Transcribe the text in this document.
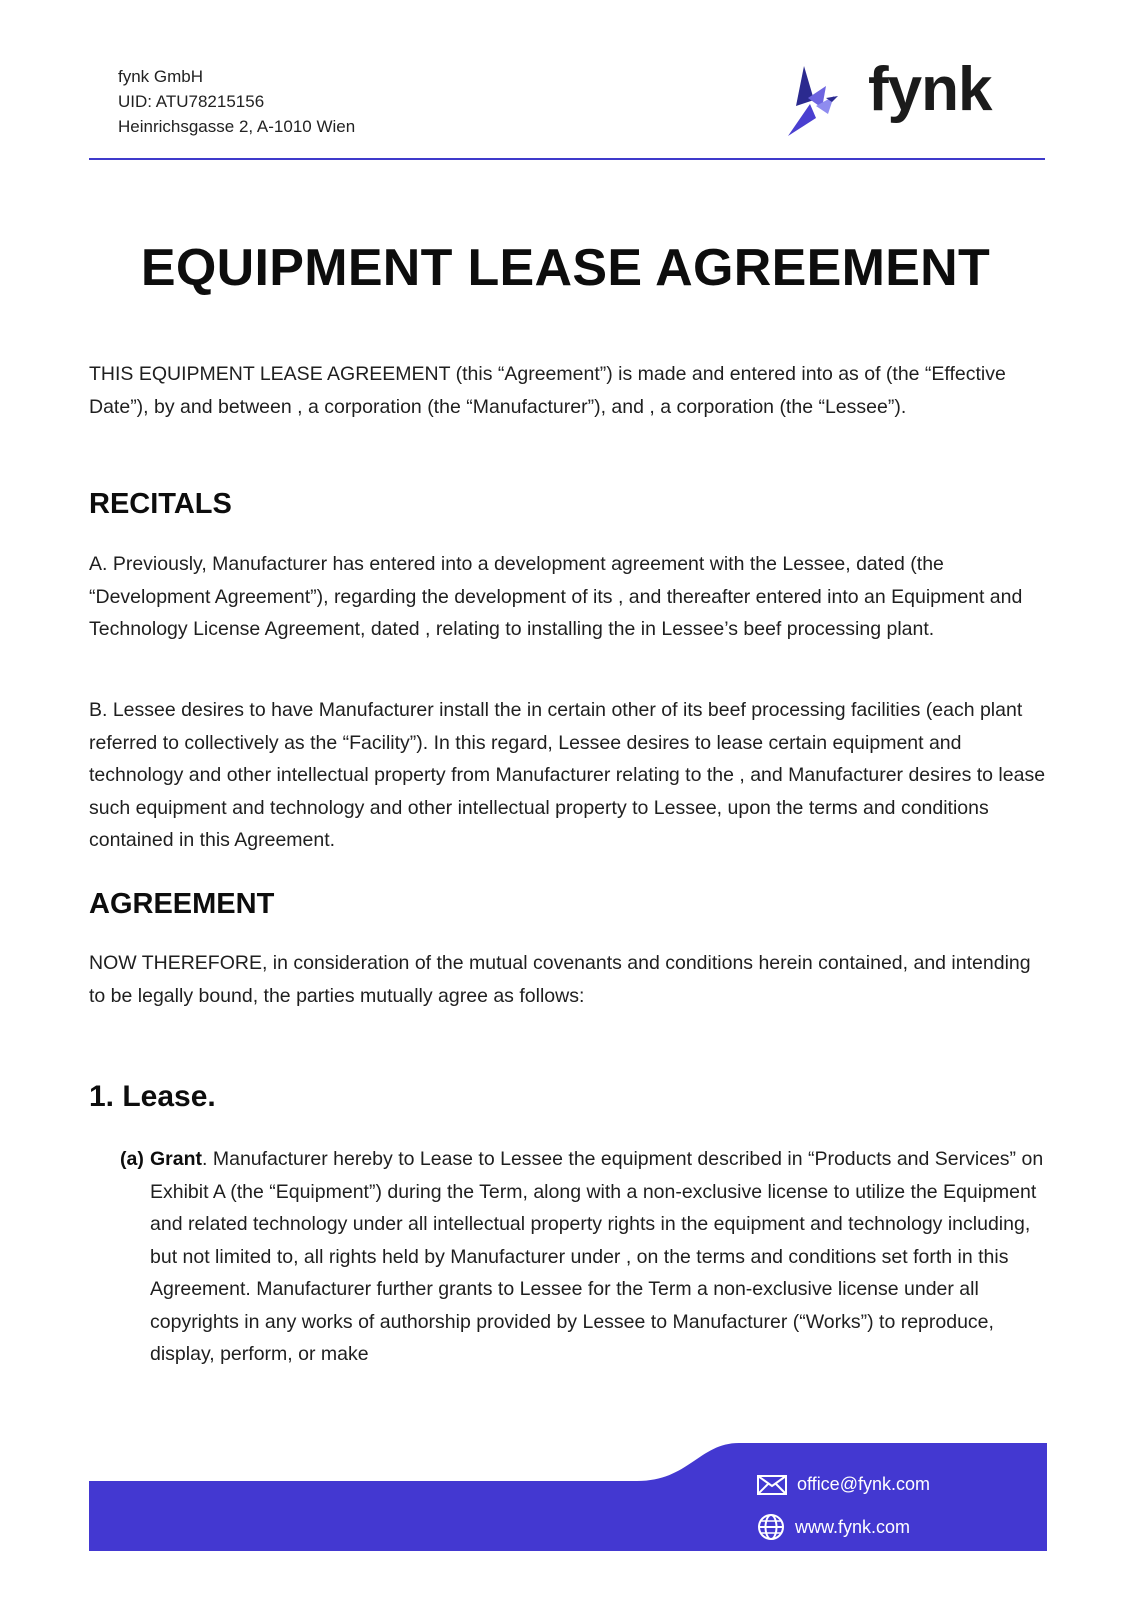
fynk GmbH
UID: ATU78215156
Heinrichsgasse 2, A-1010 Wien
fynk
EQUIPMENT LEASE AGREEMENT

THIS EQUIPMENT LEASE AGREEMENT (this “Agreement”) is made and entered into as of (the “Effective Date”), by and between , a corporation (the “Manufacturer”), and , a corporation (the “Lessee”).

RECITALS

A. Previously, Manufacturer has entered into a development agreement with the Lessee, dated (the “Development Agreement”), regarding the development of its , and thereafter entered into an Equipment and Technology License Agreement, dated , relating to installing the in Lessee’s beef processing plant.

B. Lessee desires to have Manufacturer install the in certain other of its beef processing facilities (each plant referred to collectively as the “Facility”). In this regard, Lessee desires to lease certain equipment and technology and other intellectual property from Manufacturer relating to the , and Manufacturer desires to lease such equipment and technology and other intellectual property to Lessee, upon the terms and conditions contained in this Agreement.

AGREEMENT

NOW THEREFORE, in consideration of the mutual covenants and conditions herein contained, and intending to be legally bound, the parties mutually agree as follows:

1. Lease.

(a) Grant. Manufacturer hereby to Lease to Lessee the equipment described in “Products and Services” on Exhibit A (the “Equipment”) during the Term, along with a non-exclusive license to utilize the Equipment and related technology under all intellectual property rights in the equipment and technology including, but not limited to, all rights held by Manufacturer under , on the terms and conditions set forth in this Agreement. Manufacturer further grants to Lessee for the Term a non-exclusive license under all copyrights in any works of authorship provided by Lessee to Manufacturer (“Works”) to reproduce, display, perform, or make

office@fynk.com
www.fynk.com
